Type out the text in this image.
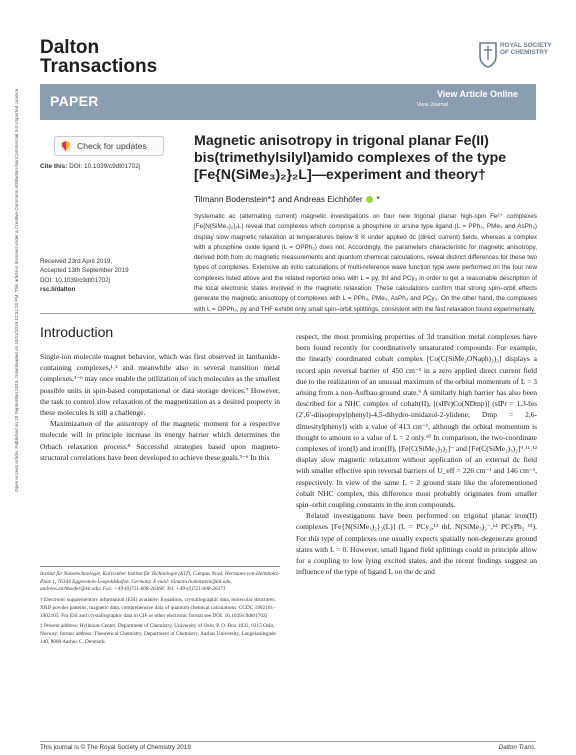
Open Access Article. Published on 20 September 2019. Downloaded on 10/11/2019 12:31:20 PM. This article is licensed under a Creative Commons Attribution-NonCommercial 3.0 Unported Licence.
Dalton
Transactions
ROYAL SOCIETY
OF CHEMISTRY
PAPER	View Article Online
View Journal
Check for updates
Cite this: DOI: 10.1039/c9dt01702j
Magnetic anisotropy in trigonal planar Fe(II)
bis(trimethylsilyl)amido complexes of the type
[Fe{N(SiMe₃)₂}₂L]—experiment and theory†
Tilmann Bodenstein*‡ and Andreas Eichhöfer *
Systematic ac (alternating current) magnetic investigations on four new trigonal planar high-spin Fe²⁺ complexes [Fe{N(SiMe₃)₂}₂L] reveal that complexes which comprise a phosphine or arsine type ligand (L = PPh₃, PMe₃ and AsPh₃) display slow magnetic relaxation at temperatures below 8 K under applied dc (direct current) fields, whereas a complex with a phosphine oxide ligand (L = OPPh₃) does not. Accordingly, the parameters characteristic for magnetic anisotropy, derived both from dc magnetic measurements and quantum chemical calculations, reveal distinct differences for these two types of complexes. Extensive ab initio calculations of multi-reference wave function type were performed on the four new complexes listed above and the related reported ones with L = py, thf and PCy₃ in order to get a reasonable description of the local electronic states involved in the magnetic relaxation. These calculations confirm that strong spin–orbit effects generate the magnetic anisotropy of complexes with L = PPh₃, PMe₃, AsPh₃ and PCy₃. On the other hand, the complexes with L = OPPh₃, py and THF exhibit only small spin–orbit splittings, consistent with the fast relaxation found experimentally.
Received 23rd April 2019,
Accepted 13th September 2019
DOI: 10.1039/c9dt01702j
rsc.li/dalton
Introduction

Single-ion molecule magnet behavior, which was first observed in lanthanide-containing complexes,¹˒² and meanwhile also in several transition metal complexes,³⁻⁶ may once enable the utilization of such molecules as the smallest possible units in spin-based computational or data storage devices.⁷ However, the task to control slow relaxation of the magnetization as a desired property in these molecules is still a challenge.

Maximization of the anisotropy of the magnetic moment for a respective molecule will in principle increase its energy barrier which determines the Orbach relaxation process.⁸ Successful strategies based upon magneto-structural correlations have been developed to achieve these goals.³⁻⁶ In this

respect, the most promising properties of 3d transition metal complexes have been found recently for coordinatively unsaturated compounds. For example, the linearly coordinated cobalt complex [Co(C(SiMe₂ONaph)₃)₂] displays a record spin reversal barrier of 450 cm⁻¹ in a zero applied direct current field due to the realization of an unusual maximum of the orbital momentum of L = 3 arising from a non-Aufbau ground state.⁹ A similarly high barrier has also been described for a NHC complex of cobalt(II), [(sIPr)Co(NDmp)] (sIPr = 1,3-bis (2′,6′-diisopropylphenyl)-4,5-dihydro-imidazol-2-ylidene; Dmp = 2,6-dimesitylphenyl) with a value of 413 cm⁻¹, although the orbital momentum is thought to amount to a value of L = 2 only.¹⁰ In comparison, the two-coordinate complexes of iron(I) and iron(II), [Fe(C(SiMe₃)₃)₂]⁻ and [Fe(C(SiMe₃)₃)₂]⁹˒¹¹˒¹² display slow magnetic relaxation without application of an external dc field with smaller effective spin reversal barriers of U_eff = 226 cm⁻¹ and 146 cm⁻¹, respectively. In view of the same L = 2 ground state like the aforementioned cobalt NHC complex, this difference most probably originates from smaller spin–orbit coupling constants in the iron compounds.

Related investigations have been performed on trigonal planar iron(II) complexes [Fe{N(SiMe₃)₂}₂(L)] (L = PCy₃,¹³ thf, N(SiMe₃)₂⁻,¹⁴ PCyPh₂ ¹⁵). For this type of complexes one usually expects spatially non-degenerate ground states with L = 0. However, small ligand field splittings could in principle allow for a coupling to low lying excited states, and the recent findings suggest an influence of the type of ligand L on the dc and

Institut für Nanotechnologie, Karlsruher Institut für Technologie (KIT), Campus Nord, Hermann-von-Helmholtz-Platz 1, 76344 Eggenstein-Leopoldshafen, Germany. E-mail: tilmann.bodenstein@kit.edu, andreas.eichhoefer@kit.edu; Fax: +49-(0)721-608-26368; Tel: +49-(0)721-608-26371

† Electronic supplementary information (ESI) available: Equations, crystallographic data, molecular structures, XRD powder patterns, magnetic data, comprehensive data of quantum chemical calculations. CCDC 1902101–1902105. For ESI and crystallographic data in CIF or other electronic format see DOI: 10.1039/c9dt01702j

‡ Present address: Hylleraas Center, Department of Chemistry, University of Oslo, P. O. Box 1033, 0315 Oslo, Norway; former address: Theoretical Chemistry, Department of Chemistry, Aarhus University, Langelandsgade 140, 8000 Aarhus C, Denmark.

This journal is © The Royal Society of Chemistry 2019	Dalton Trans.
